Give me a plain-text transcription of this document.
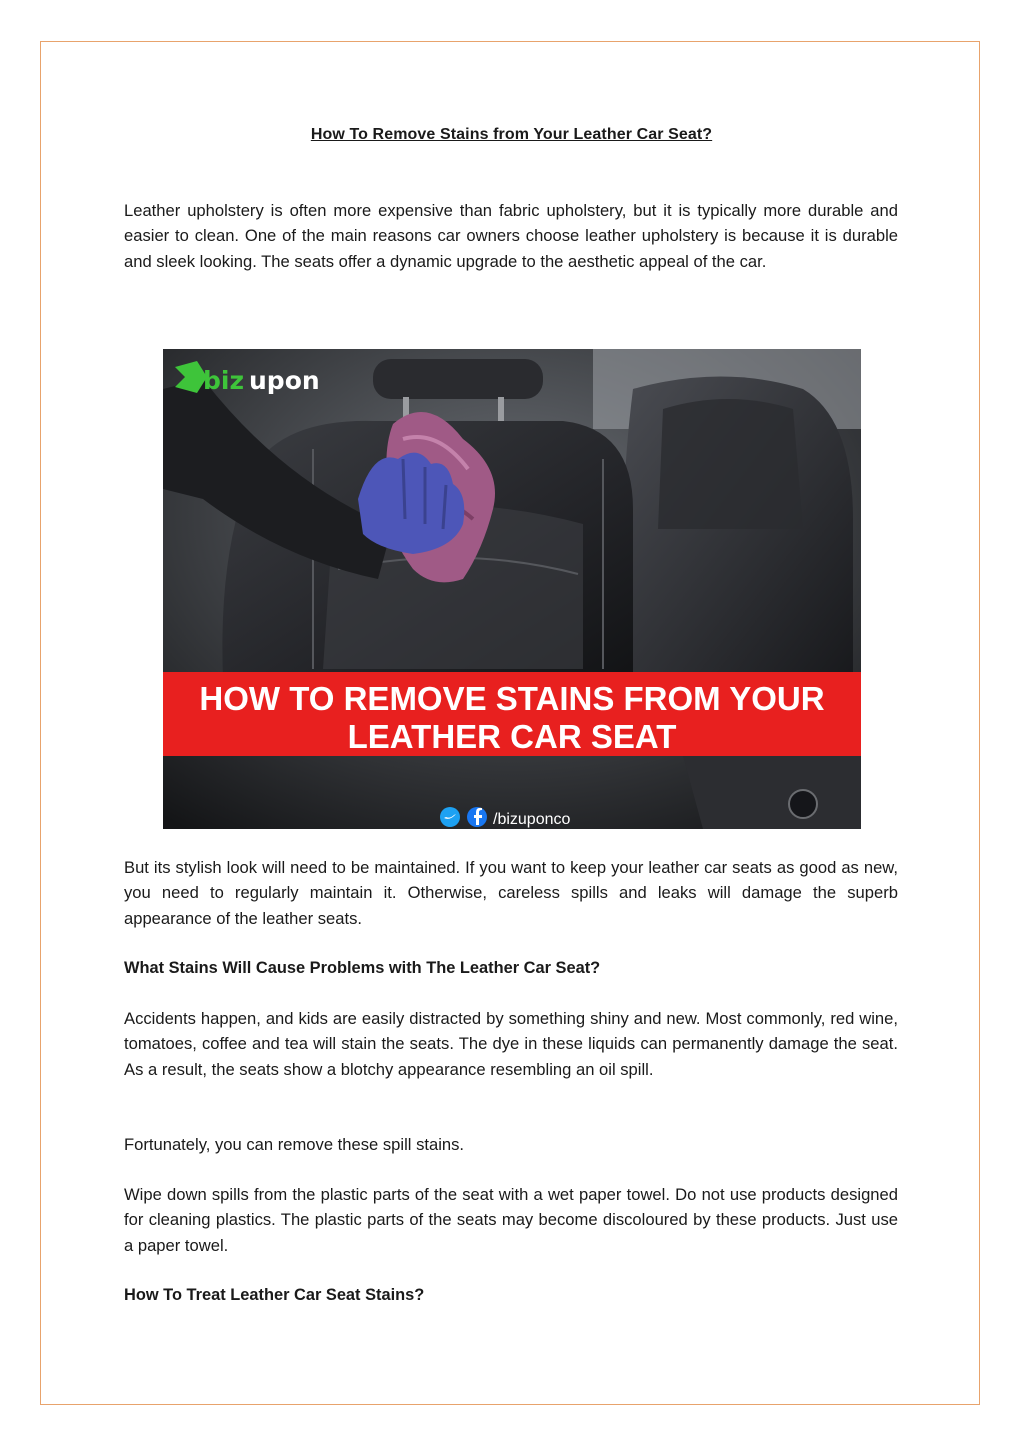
How To Remove Stains from Your Leather Car Seat?

Leather upholstery is often more expensive than fabric upholstery, but it is typically more durable and easier to clean. One of the main reasons car owners choose leather upholstery is because it is durable and sleek looking. The seats offer a dynamic upgrade to the aesthetic appeal of the car.

HOW TO REMOVE STAINS FROM YOUR
LEATHER CAR SEAT
biz upon
/bizuponco

But its stylish look will need to be maintained. If you want to keep your leather car seats as good as new, you need to regularly maintain it. Otherwise, careless spills and leaks will damage the superb appearance of the leather seats.

What Stains Will Cause Problems with The Leather Car Seat?

Accidents happen, and kids are easily distracted by something shiny and new. Most commonly, red wine, tomatoes, coffee and tea will stain the seats. The dye in these liquids can permanently damage the seat. As a result, the seats show a blotchy appearance resembling an oil spill.

Fortunately, you can remove these spill stains.

Wipe down spills from the plastic parts of the seat with a wet paper towel. Do not use products designed for cleaning plastics. The plastic parts of the seats may become discoloured by these products. Just use a paper towel.

How To Treat Leather Car Seat Stains?
